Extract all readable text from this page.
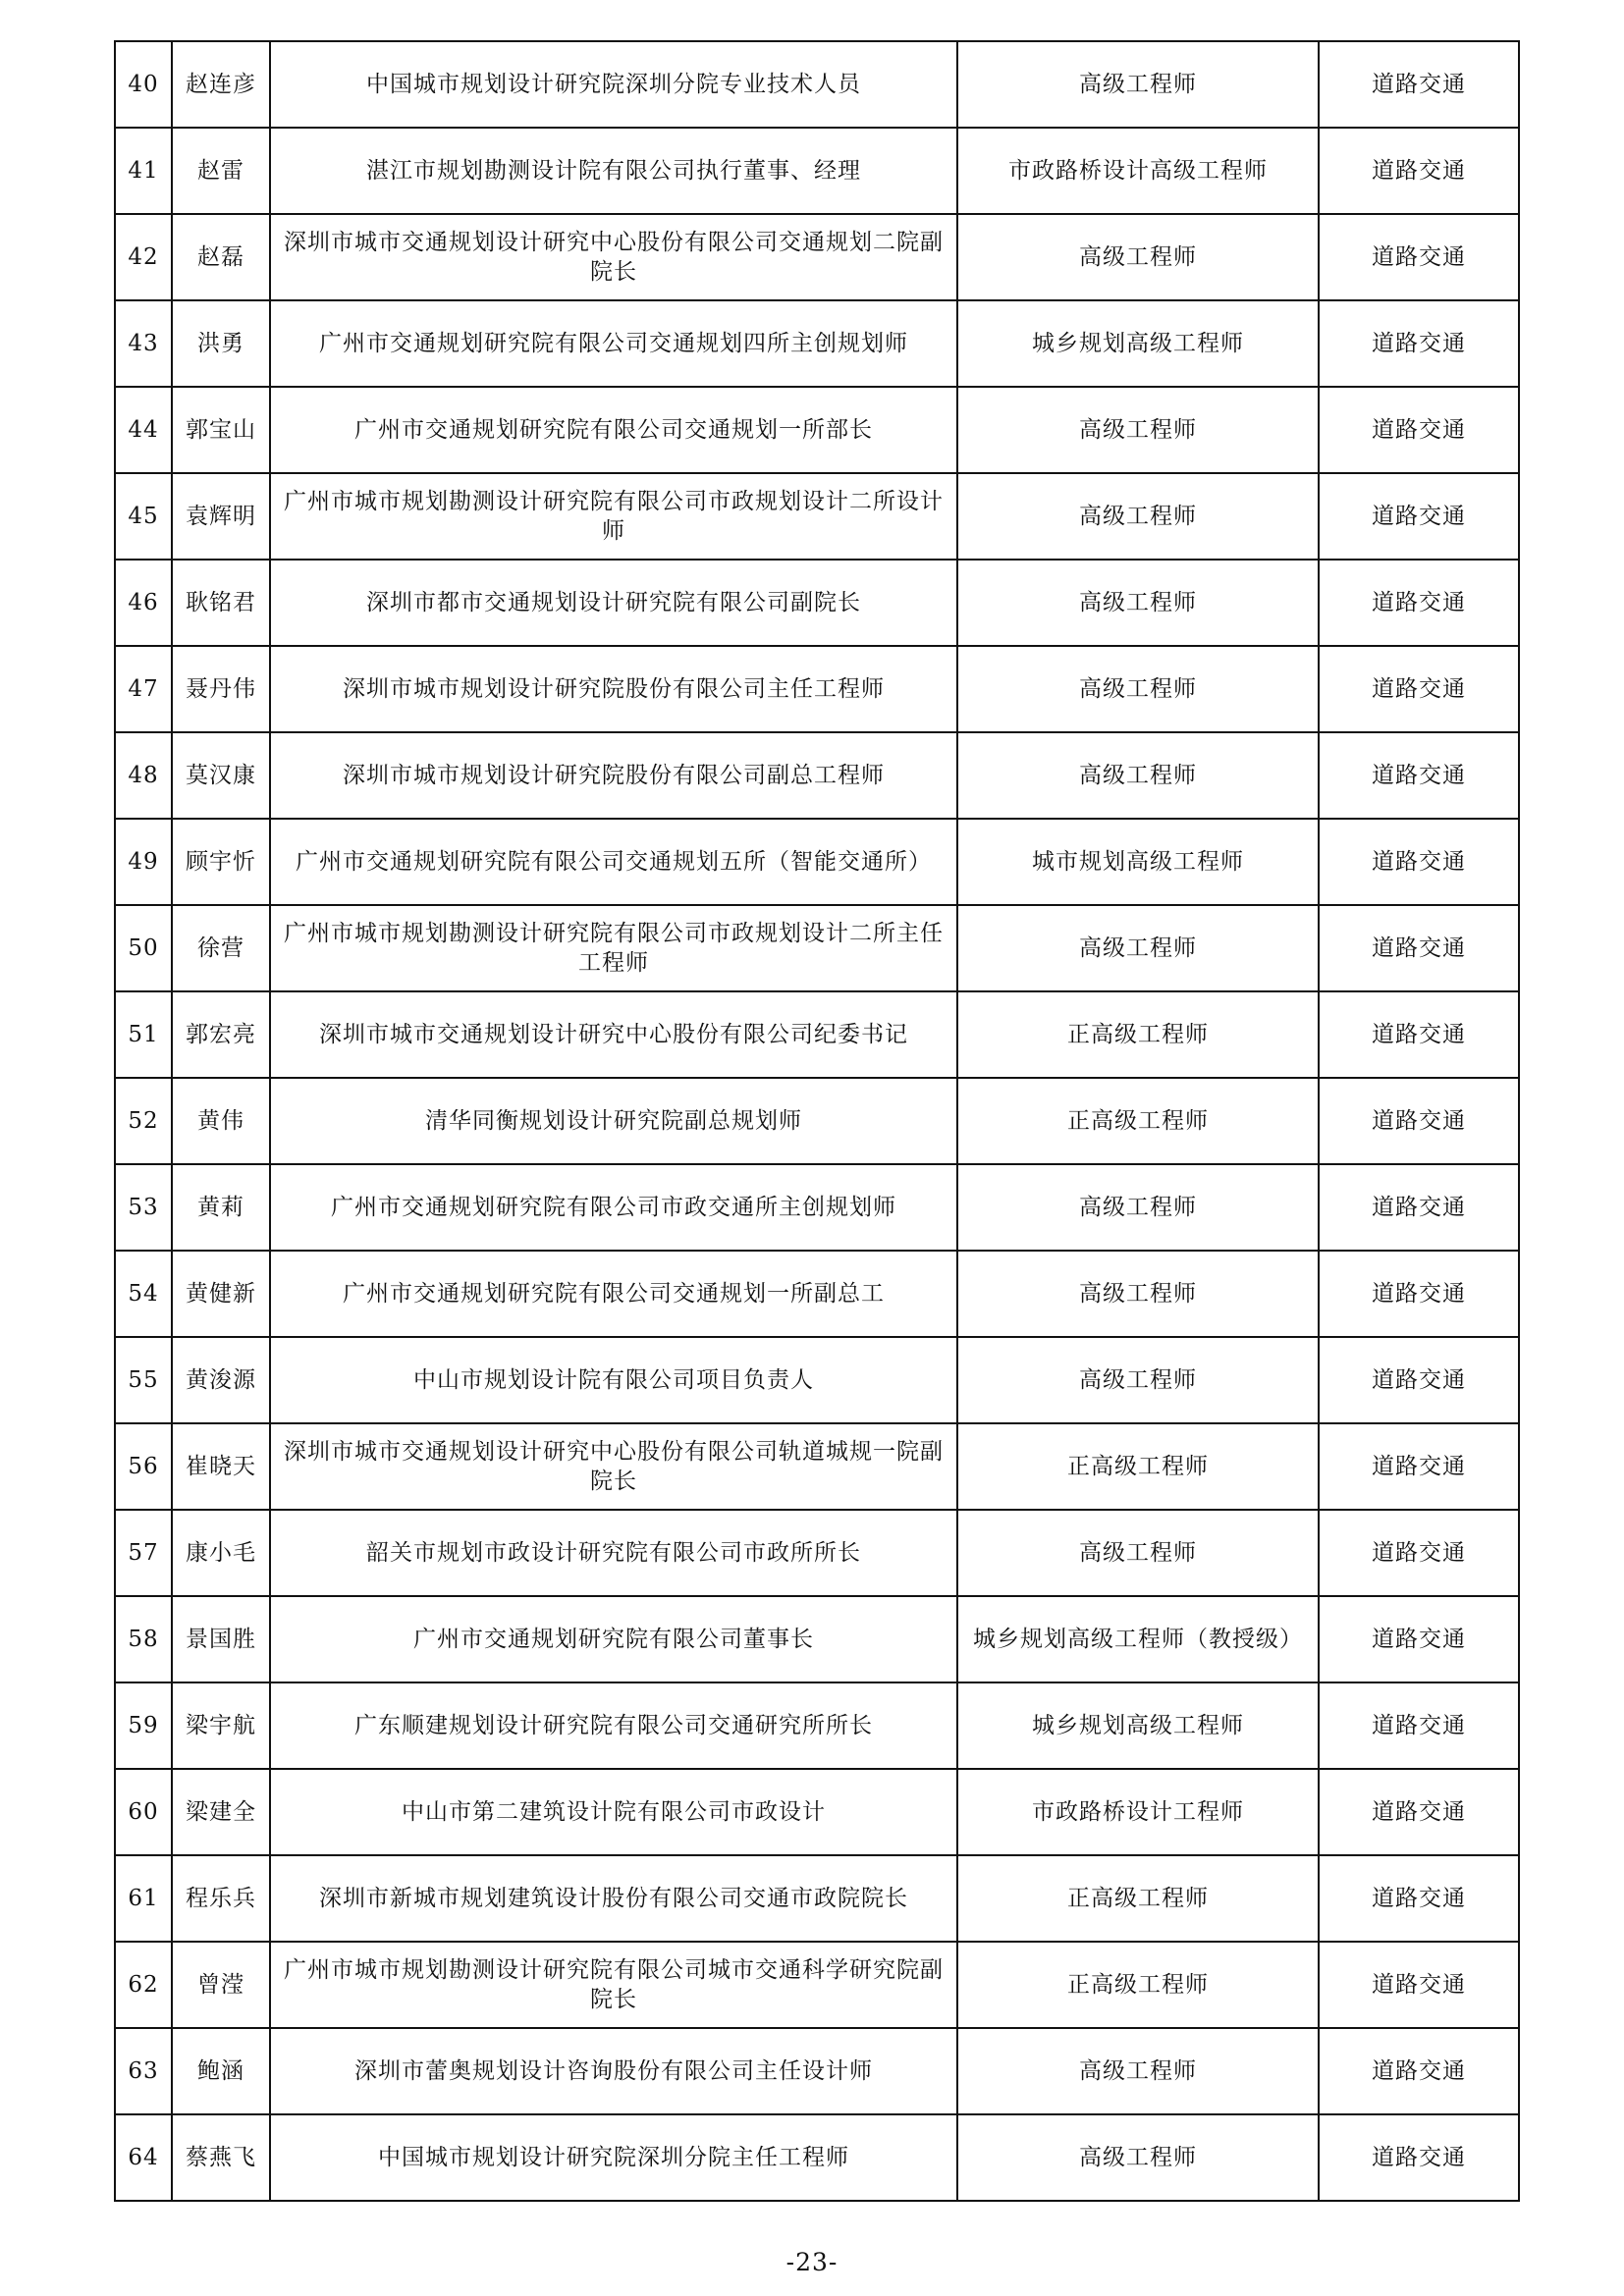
40	赵连彦	中国城市规划设计研究院深圳分院专业技术人员	高级工程师	道路交通
41	赵雷	湛江市规划勘测设计院有限公司执行董事、经理	市政路桥设计高级工程师	道路交通
42	赵磊	深圳市城市交通规划设计研究中心股份有限公司交通规划二院副院长	高级工程师	道路交通
43	洪勇	广州市交通规划研究院有限公司交通规划四所主创规划师	城乡规划高级工程师	道路交通
44	郭宝山	广州市交通规划研究院有限公司交通规划一所部长	高级工程师	道路交通
45	袁辉明	广州市城市规划勘测设计研究院有限公司市政规划设计二所设计师	高级工程师	道路交通
46	耿铭君	深圳市都市交通规划设计研究院有限公司副院长	高级工程师	道路交通
47	聂丹伟	深圳市城市规划设计研究院股份有限公司主任工程师	高级工程师	道路交通
48	莫汉康	深圳市城市规划设计研究院股份有限公司副总工程师	高级工程师	道路交通
49	顾宇忻	广州市交通规划研究院有限公司交通规划五所（智能交通所）	城市规划高级工程师	道路交通
50	徐营	广州市城市规划勘测设计研究院有限公司市政规划设计二所主任工程师	高级工程师	道路交通
51	郭宏亮	深圳市城市交通规划设计研究中心股份有限公司纪委书记	正高级工程师	道路交通
52	黄伟	清华同衡规划设计研究院副总规划师	正高级工程师	道路交通
53	黄莉	广州市交通规划研究院有限公司市政交通所主创规划师	高级工程师	道路交通
54	黄健新	广州市交通规划研究院有限公司交通规划一所副总工	高级工程师	道路交通
55	黄浚源	中山市规划设计院有限公司项目负责人	高级工程师	道路交通
56	崔晓天	深圳市城市交通规划设计研究中心股份有限公司轨道城规一院副院长	正高级工程师	道路交通
57	康小毛	韶关市规划市政设计研究院有限公司市政所所长	高级工程师	道路交通
58	景国胜	广州市交通规划研究院有限公司董事长	城乡规划高级工程师（教授级）	道路交通
59	梁宇航	广东顺建规划设计研究院有限公司交通研究所所长	城乡规划高级工程师	道路交通
60	梁建全	中山市第二建筑设计院有限公司市政设计	市政路桥设计工程师	道路交通
61	程乐兵	深圳市新城市规划建筑设计股份有限公司交通市政院院长	正高级工程师	道路交通
62	曾滢	广州市城市规划勘测设计研究院有限公司城市交通科学研究院副院长	正高级工程师	道路交通
63	鲍涵	深圳市蕾奥规划设计咨询股份有限公司主任设计师	高级工程师	道路交通
64	蔡燕飞	中国城市规划设计研究院深圳分院主任工程师	高级工程师	道路交通
-23-
